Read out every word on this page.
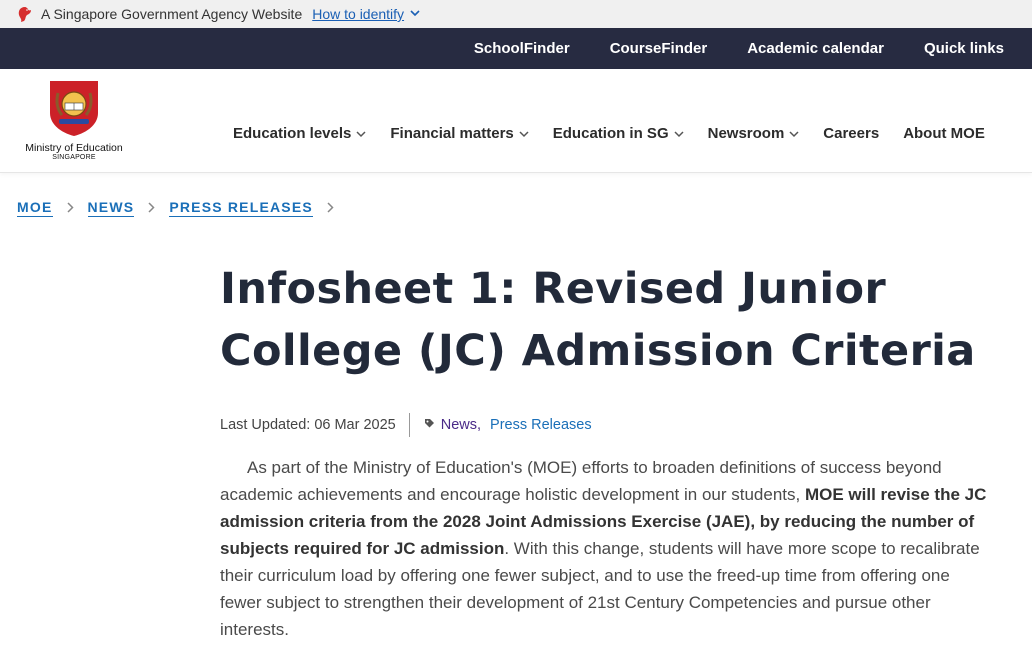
A Singapore Government Agency Website How to identify
SchoolFinder	CourseFinder	Academic calendar	Quick links
Ministry of Education
SINGAPORE
Education levels	Financial matters	Education in SG	Newsroom	Careers About MOE
MOE	NEWS	PRESS RELEASES
Infosheet 1: Revised Junior
College (JC) Admission Criteria
Last Updated: 06 Mar 2025	News, Press Releases

As part of the Ministry of Education's (MOE) efforts to broaden definitions of success beyond academic achievements and encourage holistic development in our students, MOE will revise the JC admission criteria from the 2028 Joint Admissions Exercise (JAE), by reducing the number of subjects required for JC admission. With this change, students will have more scope to recalibrate their curriculum load by offering one fewer subject, and to use the freed-up time from offering one fewer subject to strengthen their development of 21st Century Competencies and pursue other interests.
